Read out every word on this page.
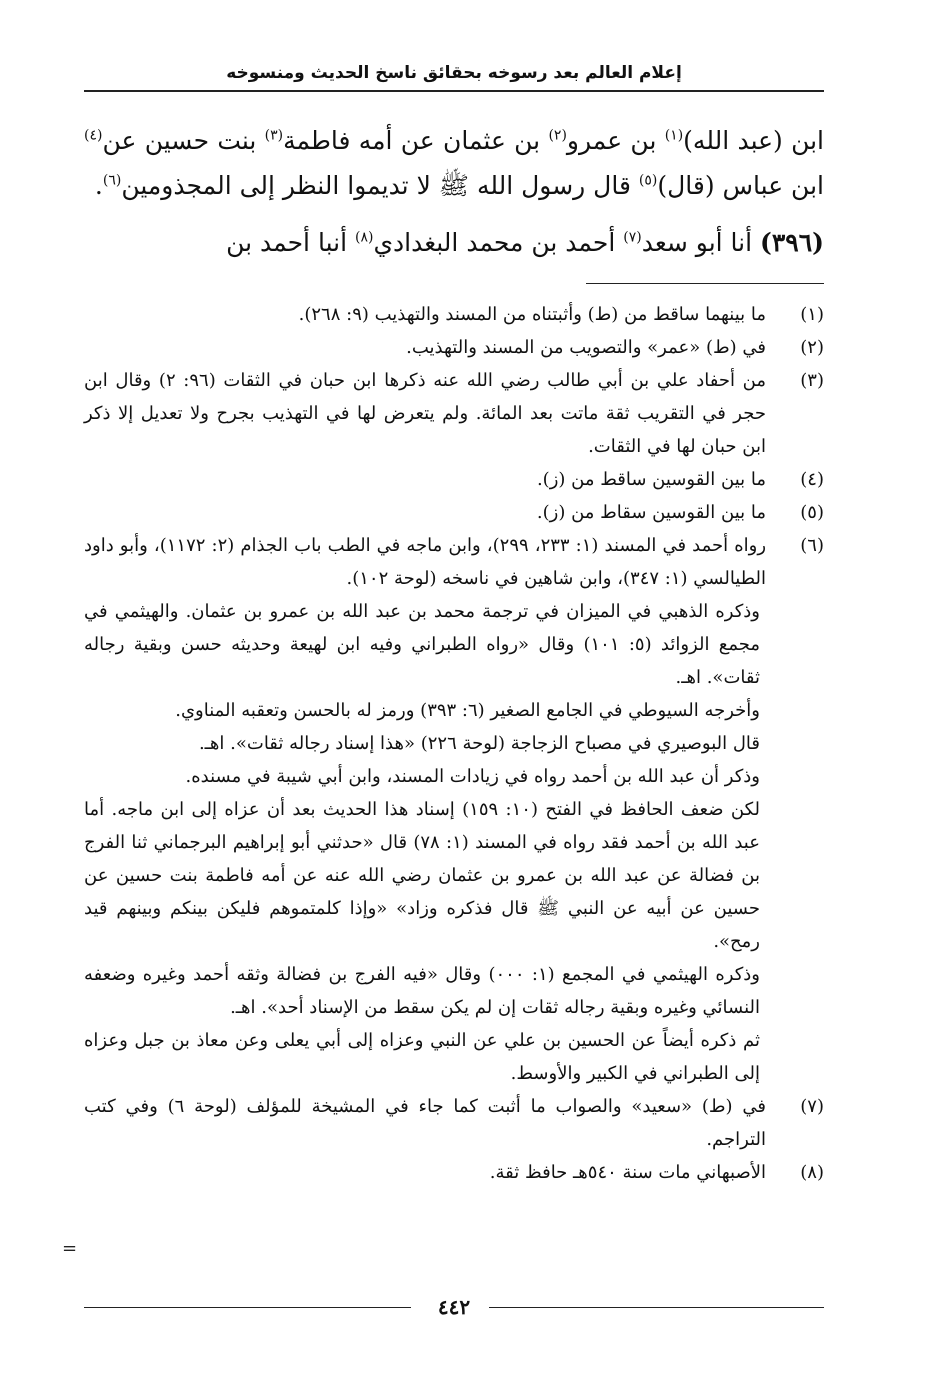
إعلام العالم بعد رسوخه بحقائق ناسخ الحديث ومنسوخه

ابن (عبد الله)$^{(١)}$ بن عمرو$^{(٢)}$ بن عثمان عن أمه فاطمة$^{(٣)}$ بنت حسين عن$^{(٤)}$ ابن عباس (قال)$^{(٥)}$ قال رسول الله ﷺ لا تديموا النظر إلى المجذومين$^{(٦)}$.

(٣٩٦) أنا أبو سعد$^{(٧)}$ أحمد بن محمد البغدادي$^{(٨)}$ أنبا أحمد بن

(١)

ما بينهما ساقط من (ط) وأثبتناه من المسند والتهذيب (٩: ٢٦٨).

(٢)

في (ط) «عمر» والتصويب من المسند والتهذيب.

(٣)

من أحفاد علي بن أبي طالب رضي الله عنه ذكرها ابن حبان في الثقات (٩٦: ٢) وقال ابن حجر في التقريب ثقة ماتت بعد المائة. ولم يتعرض لها في التهذيب بجرح ولا تعديل إلا ذكر ابن حبان لها في الثقات.

(٤)

ما بين القوسين ساقط من (ز).

(٥)

ما بين القوسين سقاط من (ز).

(٦)

رواه أحمد في المسند (١: ٢٣٣، ٢٩٩)، وابن ماجه في الطب باب الجذام (٢: ١١٧٢)، وأبو داود الطيالسي (١: ٣٤٧)، وابن شاهين في ناسخه (لوحة ١٠٢).

وذكره الذهبي في الميزان في ترجمة محمد بن عبد الله بن عمرو بن عثمان. والهيثمي في مجمع الزوائد (٥: ١٠١) وقال «رواه الطبراني وفيه ابن لهيعة وحديثه حسن وبقية رجاله ثقات». اهـ.

وأخرجه السيوطي في الجامع الصغير (٦: ٣٩٣) ورمز له بالحسن وتعقبه المناوي.

قال البوصيري في مصباح الزجاجة (لوحة ٢٢٦) «هذا إسناد رجاله ثقات». اهـ.

وذكر أن عبد الله بن أحمد رواه في زيادات المسند، وابن أبي شيبة في مسنده.

لكن ضعف الحافظ في الفتح (١٠: ١٥٩) إسناد هذا الحديث بعد أن عزاه إلى ابن ماجه. أما عبد الله بن أحمد فقد رواه في المسند (١: ٧٨) قال «حدثني أبو إبراهيم البرجماني ثنا الفرج بن فضالة عن عبد الله بن عمرو بن عثمان رضي الله عنه عن أمه فاطمة بنت حسين عن حسين عن أبيه عن النبي ﷺ قال فذكره وزاد» «وإذا كلمتموهم فليكن بينكم وبينهم قيد رمح».

وذكره الهيثمي في المجمع (١: ٠٠٠) وقال «فيه الفرج بن فضالة وثقه أحمد وغيره وضعفه النسائي وغيره وبقية رجاله ثقات إن لم يكن سقط من الإسناد أحد». اهـ.

ثم ذكره أيضاً عن الحسين بن علي عن النبي وعزاه إلى أبي يعلى وعن معاذ بن جبل وعزاه إلى الطبراني في الكبير والأوسط.

(٧)

في (ط) «سعيد» والصواب ما أثبت كما جاء في المشيخة للمؤلف (لوحة ٦) وفي كتب التراجم.

(٨)

الأصبهاني مات سنة ٥٤٠هـ حافظ ثقة.

٤٤٢
=
